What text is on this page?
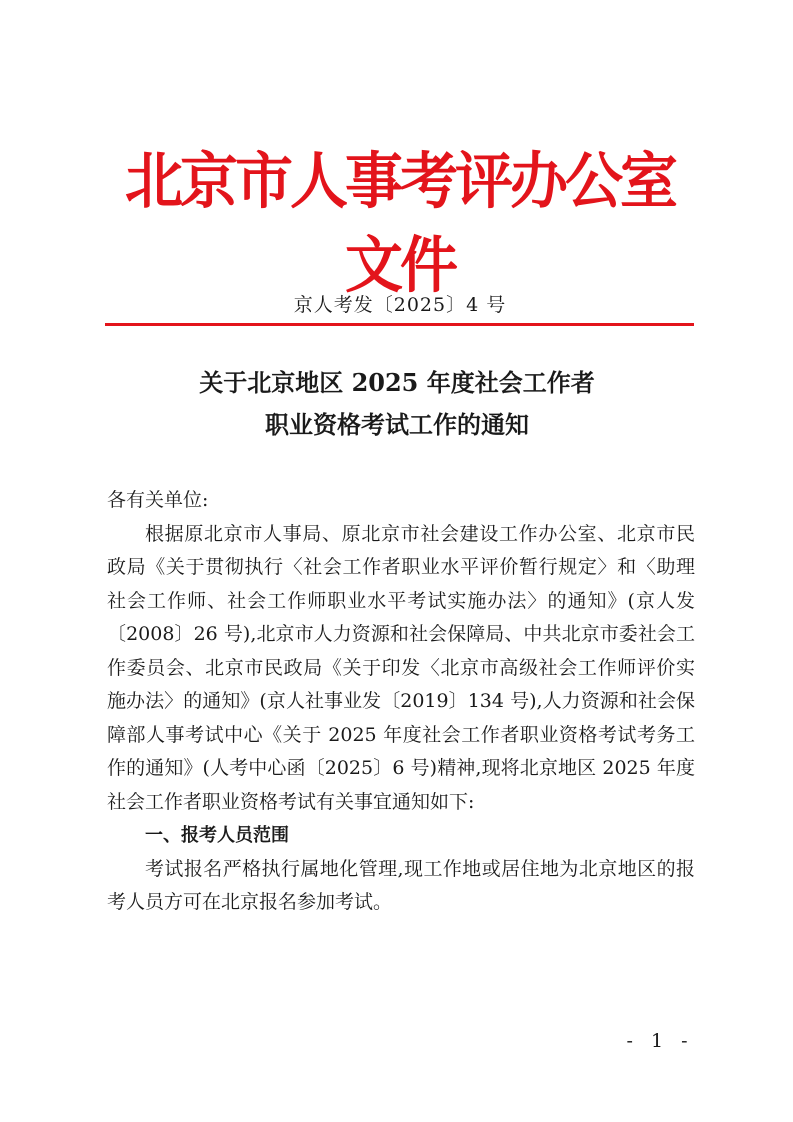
北京市人事考评办公室文件
京人考发〔2025〕4 号
关于北京地区 2025 年度社会工作者
职业资格考试工作的通知
各有关单位:
根据原北京市人事局、原北京市社会建设工作办公室、北京市民政局《关于贯彻执行〈社会工作者职业水平评价暂行规定〉和〈助理社会工作师、社会工作师职业水平考试实施办法〉的通知》(京人发〔2008〕26 号),北京市人力资源和社会保障局、中共北京市委社会工作委员会、北京市民政局《关于印发〈北京市高级社会工作师评价实施办法〉的通知》(京人社事业发〔2019〕134 号),人力资源和社会保障部人事考试中心《关于 2025 年度社会工作者职业资格考试考务工作的通知》(人考中心函〔2025〕6 号)精神,现将北京地区 2025 年度社会工作者职业资格考试有关事宜通知如下:
一、报考人员范围
考试报名严格执行属地化管理,现工作地或居住地为北京地区的报考人员方可在北京报名参加考试。
- 1 -
